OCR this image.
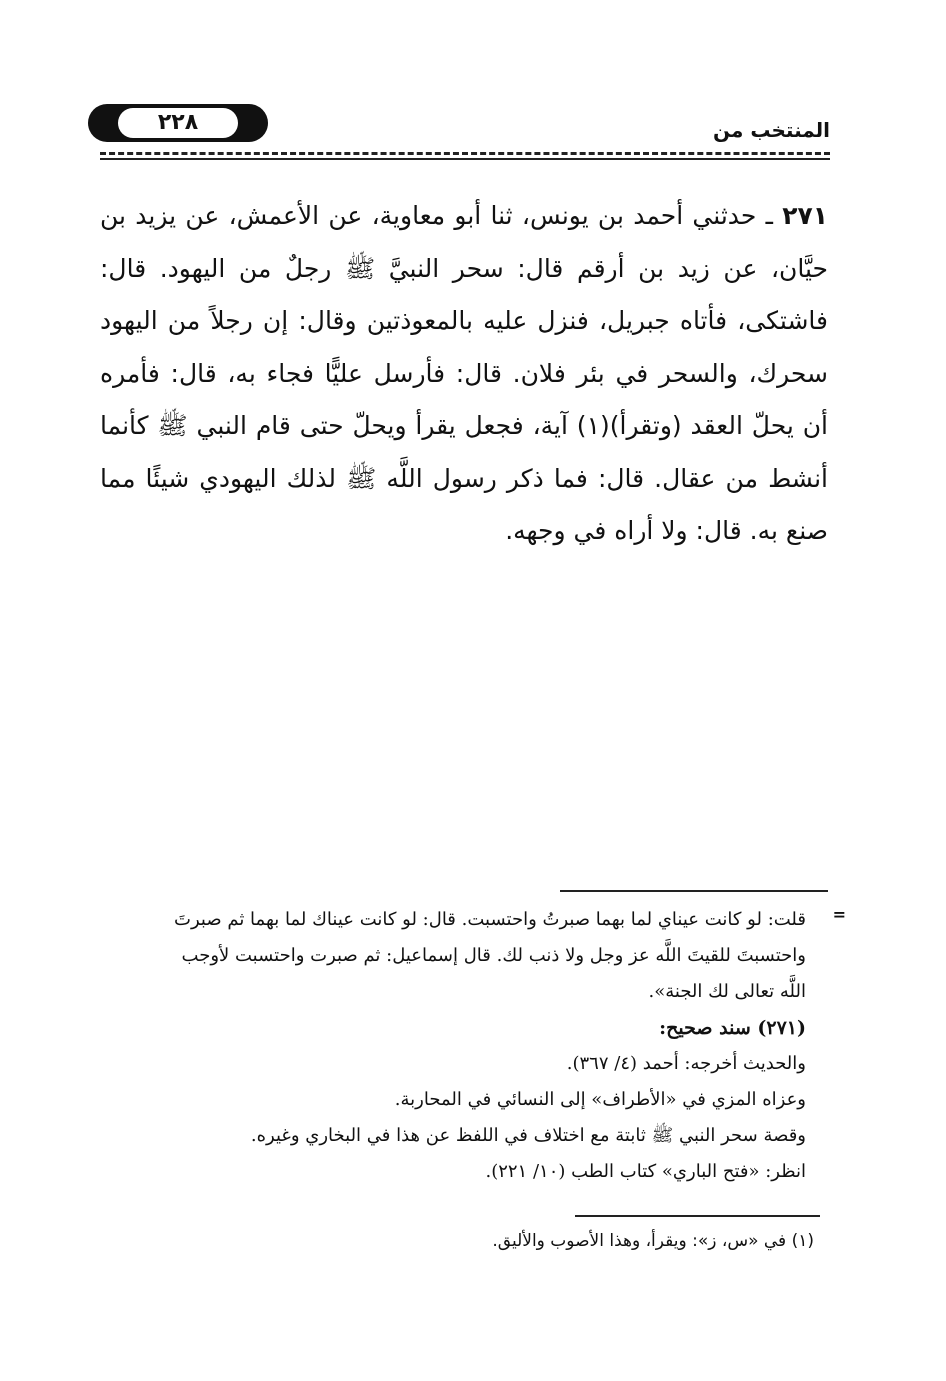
٢٢٨	المنتخب من
٢٧١ ـ حدثني أحمد بن يونس، ثنا أبو معاوية، عن الأعمش، عن يزيد بن حيَّان، عن زيد بن أرقم قال: سحر النبيَّ ﷺ رجلٌ من اليهود. قال: فاشتكى، فأتاه جبريل، فنزل عليه بالمعوذتين وقال: إن رجلاً من اليهود سحرك، والسحر في بئر فلان. قال: فأرسل عليًّا فجاء به، قال: فأمره أن يحلّ العقد (وتقرأ)(١) آية، فجعل يقرأ ويحلّ حتى قام النبي ﷺ كأنما أنشط من عقال. قال: فما ذكر رسول اللَّه ﷺ لذلك اليهودي شيئًا مما صنع به. قال: ولا أراه في وجهه.
=
قلت: لو كانت عيناي لما بهما صبرتُ واحتسبت. قال: لو كانت عيناك لما بهما ثم صبرتَ
واحتسبتَ للقيتَ اللَّه عز وجل ولا ذنب لك. قال إسماعيل: ثم صبرت واحتسبت لأوجب
اللَّه تعالى لك الجنة».
(٢٧١) سند صحيح:
والحديث أخرجه: أحمد (٤/ ٣٦٧).
وعزاه المزي في «الأطراف» إلى النسائي في المحاربة.
وقصة سحر النبي ﷺ ثابتة مع اختلاف في اللفظ عن هذا في البخاري وغيره.
انظر: «فتح الباري» كتاب الطب (١٠/ ٢٢١).
(١) في «س، ز»: ويقرأ، وهذا الأصوب والأليق.
